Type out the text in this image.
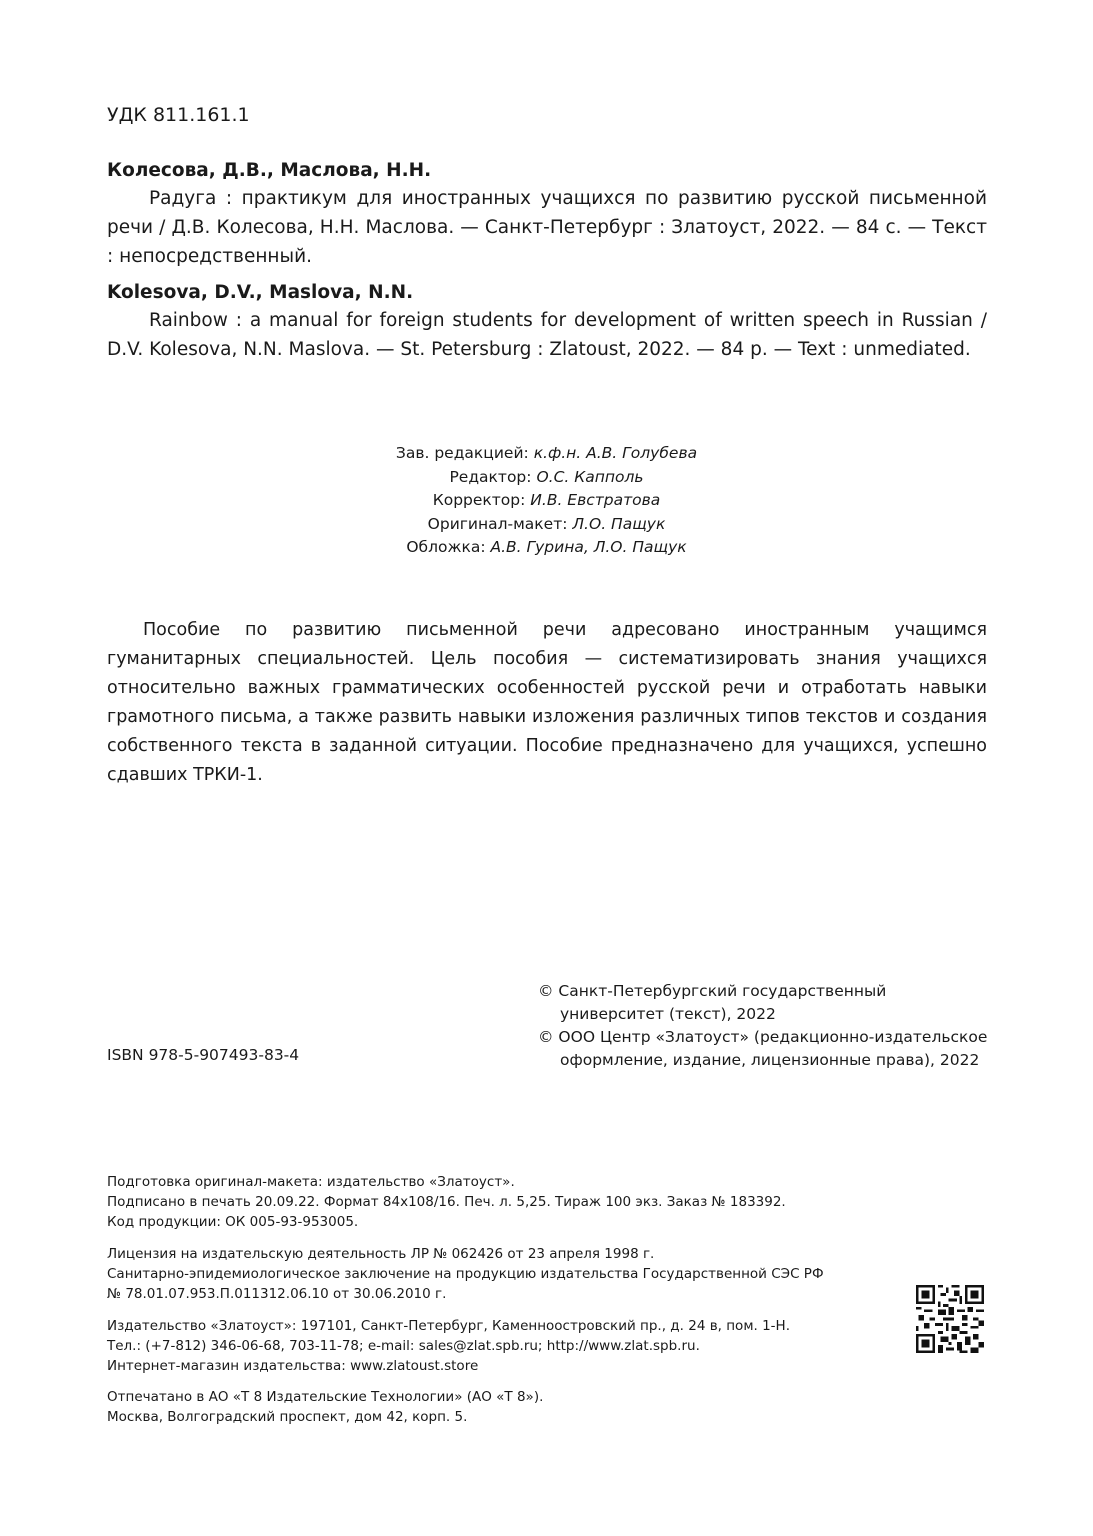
УДК 811.161.1
Колесова, Д.В., Маслова, Н.Н.
Радуга : практикум для иностранных учащихся по развитию русской письменной речи / Д.В. Колесова, Н.Н. Маслова. — Санкт-Петербург : Златоуст, 2022. — 84 с. — Текст : непосредственный.
Kolesova, D.V., Maslova, N.N.
Rainbow : a manual for foreign students for development of written speech in Russian / D.V. Kolesova, N.N. Maslova. — St. Petersburg : Zlatoust, 2022. — 84 p. — Text : unmediated.
Зав. редакцией: к.ф.н. А.В. Голубева
Редактор: О.С. Капполь
Корректор: И.В. Евстратова
Оригинал-макет: Л.О. Пащук
Обложка: А.В. Гурина, Л.О. Пащук
Пособие по развитию письменной речи адресовано иностранным учащимся гуманитарных специальностей. Цель пособия — систематизировать знания учащихся относительно важных грамматических особенностей русской речи и отработать навыки грамотного письма, а также развить навыки изложения различных типов текстов и создания собственного текста в заданной ситуации. Пособие предназначено для учащихся, успешно сдавших ТРКИ-1.
© Санкт-Петербургский государственный университет (текст), 2022
© ООО Центр «Златоуст» (редакционно-издательское оформление, издание, лицензионные права), 2022
ISBN 978-5-907493-83-4
Подготовка оригинал-макета: издательство «Златоуст».
Подписано в печать 20.09.22. Формат 84x108/16. Печ. л. 5,25. Тираж 100 экз. Заказ № 183392.
Код продукции: ОК 005-93-953005.
Лицензия на издательскую деятельность ЛР № 062426 от 23 апреля 1998 г.
Санитарно-эпидемиологическое заключение на продукцию издательства Государственной СЭС РФ
№ 78.01.07.953.П.011312.06.10 от 30.06.2010 г.
Издательство «Златоуст»: 197101, Санкт-Петербург, Каменноостровский пр., д. 24 в, пом. 1-Н.
Тел.: (+7-812) 346-06-68, 703-11-78; e-mail: sales@zlat.spb.ru; http://www.zlat.spb.ru.
Интернет-магазин издательства: www.zlatoust.store
Отпечатано в АО «Т 8 Издательские Технологии» (АО «Т 8»).
Москва, Волгоградский проспект, дом 42, корп. 5.
